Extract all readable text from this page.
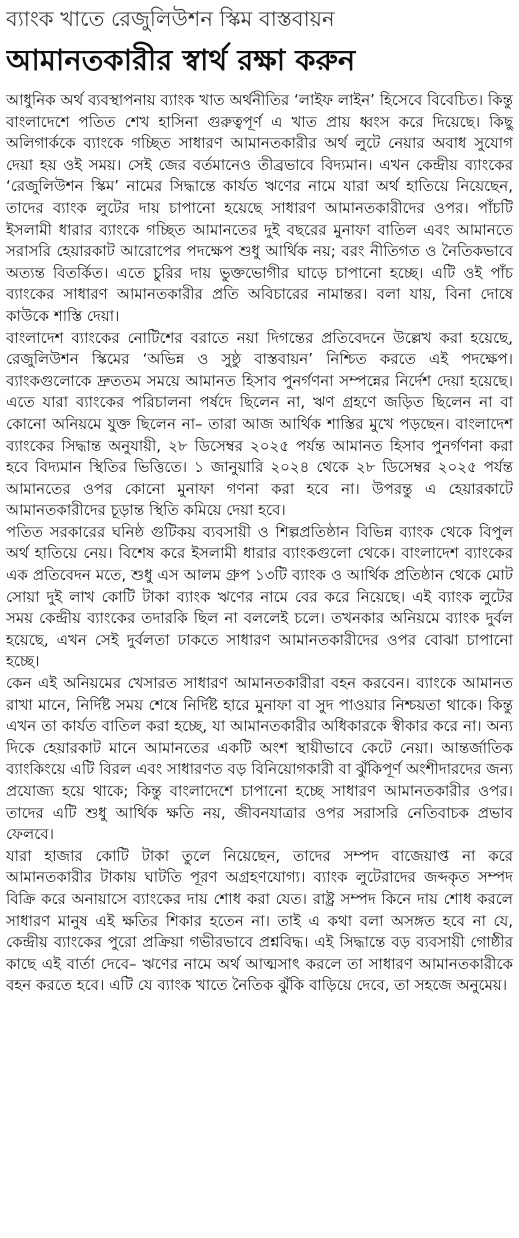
ব্যাংক খাতে রেজুলিউশন স্কিম বাস্তবায়ন
আমানতকারীর স্বার্থ রক্ষা করুন

আধুনিক অর্থ ব্যবস্থাপনায় ব্যাংক খাত অর্থনীতির ‘লাইফ লাইন’ হিসেবে বিবেচিত। কিন্তু বাংলাদেশে পতিত শেখ হাসিনা গুরুত্বপূর্ণ এ খাত প্রায় ধ্বংস করে দিয়েছে। কিছু অলিগার্ককে ব্যাংকে গচ্ছিত সাধারণ আমানতকারীর অর্থ লুটে নেয়ার অবাধ সুযোগ দেয়া হয় ওই সময়। সেই জের বর্তমানেও তীব্রভাবে বিদ্যমান। এখন কেন্দ্রীয় ব্যাংকের ‘রেজুলিউশন স্কিম’ নামের সিদ্ধান্তে কার্যত ঋণের নামে যারা অর্থ হাতিয়ে নিয়েছেন, তাদের ব্যাংক লুটের দায় চাপানো হয়েছে সাধারণ আমানতকারীদের ওপর। পাঁচটি ইসলামী ধারার ব্যাংকে গচ্ছিত আমানতের দুই বছরের মুনাফা বাতিল এবং আমানতে সরাসরি হেয়ারকাট আরোপের পদক্ষেপ শুধু আর্থিক নয়; বরং নীতিগত ও নৈতিকভাবে অত্যন্ত বিতর্কিত। এতে চুরির দায় ভুক্তভোগীর ঘাড়ে চাপানো হচ্ছে। এটি ওই পাঁচ ব্যাংকের সাধারণ আমানতকারীর প্রতি অবিচারের নামান্তর। বলা যায়, বিনা দোষে কাউকে শাস্তি দেয়া।

বাংলাদেশ ব্যাংকের নোটিশের বরাতে নয়া দিগন্তের প্রতিবেদনে উল্লেখ করা হয়েছে, রেজুলিউশন স্কিমের ‘অভিন্ন ও সুষ্ঠু বাস্তবায়ন’ নিশ্চিত করতে এই পদক্ষেপ। ব্যাংকগুলোকে দ্রুততম সময়ে আমানত হিসাব পুনর্গণনা সম্পন্নের নির্দেশ দেয়া হয়েছে। এতে যারা ব্যাংকের পরিচালনা পর্ষদে ছিলেন না, ঋণ গ্রহণে জড়িত ছিলেন না বা কোনো অনিয়মে যুক্ত ছিলেন না– তারা আজ আর্থিক শাস্তির মুখে পড়ছেন। বাংলাদেশ ব্যাংকের সিদ্ধান্ত অনুযায়ী, ২৮ ডিসেম্বর ২০২৫ পর্যন্ত আমানত হিসাব পুনর্গণনা করা হবে বিদ্যমান স্থিতির ভিত্তিতে। ১ জানুয়ারি ২০২৪ থেকে ২৮ ডিসেম্বর ২০২৫ পর্যন্ত আমানতের ওপর কোনো মুনাফা গণনা করা হবে না। উপরন্তু এ হেয়ারকাটে আমানতকারীদের চূড়ান্ত স্থিতি কমিয়ে দেয়া হবে।

পতিত সরকারের ঘনিষ্ঠ গুটিকয় ব্যবসায়ী ও শিল্পপ্রতিষ্ঠান বিভিন্ন ব্যাংক থেকে বিপুল অর্থ হাতিয়ে নেয়। বিশেষ করে ইসলামী ধারার ব্যাংকগুলো থেকে। বাংলাদেশ ব্যাংকের এক প্রতিবেদন মতে, শুধু এস আলম গ্রুপ ১৩টি ব্যাংক ও আর্থিক প্রতিষ্ঠান থেকে মোট সোয়া দুই লাখ কোটি টাকা ব্যাংক ঋণের নামে বের করে নিয়েছে। এই ব্যাংক লুটের সময় কেন্দ্রীয় ব্যাংকের তদারকি ছিল না বললেই চলে। তখনকার অনিয়মে ব্যাংক দুর্বল হয়েছে, এখন সেই দুর্বলতা ঢাকতে সাধারণ আমানতকারীদের ওপর বোঝা চাপানো হচ্ছে।

কেন এই অনিয়মের খেসারত সাধারণ আমানতকারীরা বহন করবেন। ব্যাংকে আমানত রাখা মানে, নির্দিষ্ট সময় শেষে নির্দিষ্ট হারে মুনাফা বা সুদ পাওয়ার নিশ্চয়তা থাকে। কিন্তু এখন তা কার্যত বাতিল করা হচ্ছে, যা আমানতকারীর অধিকারকে স্বীকার করে না। অন্য দিকে হেয়ারকাট মানে আমানতের একটি অংশ স্থায়ীভাবে কেটে নেয়া। আন্তর্জাতিক ব্যাংকিংয়ে এটি বিরল এবং সাধারণত বড় বিনিয়োগকারী বা ঝুঁকিপূর্ণ অংশীদারদের জন্য প্রযোজ্য হয়ে থাকে; কিন্তু বাংলাদেশে চাপানো হচ্ছে সাধারণ আমানতকারীর ওপর। তাদের এটি শুধু আর্থিক ক্ষতি নয়, জীবনযাত্রার ওপর সরাসরি নেতিবাচক প্রভাব ফেলবে।

যারা হাজার কোটি টাকা তুলে নিয়েছেন, তাদের সম্পদ বাজেয়াপ্ত না করে আমানতকারীর টাকায় ঘাটতি পূরণ অগ্রহণযোগ্য। ব্যাংক লুটেরাদের জব্দকৃত সম্পদ বিক্রি করে অনায়াসে ব্যাংকের দায় শোধ করা যেত। রাষ্ট্র সম্পদ কিনে দায় শোধ করলে সাধারণ মানুষ এই ক্ষতির শিকার হতেন না। তাই এ কথা বলা অসঙ্গত হবে না যে, কেন্দ্রীয় ব্যাংকের পুরো প্রক্রিয়া গভীরভাবে প্রশ্নবিদ্ধ। এই সিদ্ধান্তে বড় ব্যবসায়ী গোষ্ঠীর কাছে এই বার্তা দেবে– ঋণের নামে অর্থ আত্মসাৎ করলে তা সাধারণ আমানতকারীকে বহন করতে হবে। এটি যে ব্যাংক খাতে নৈতিক ঝুঁকি বাড়িয়ে দেবে, তা সহজে অনুমেয়।
